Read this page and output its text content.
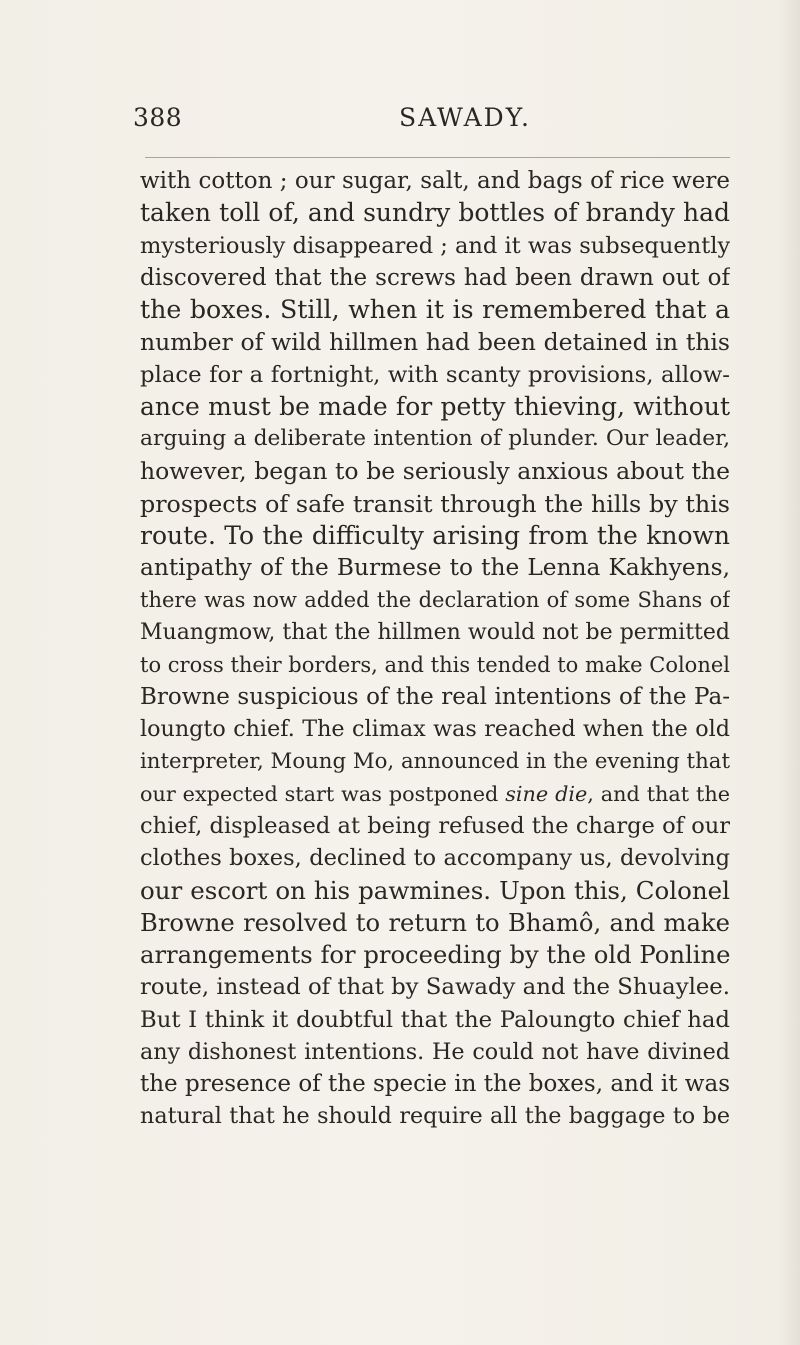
388	SAWADY.
with cotton ; our sugar, salt, and bags of rice were
taken toll of, and sundry bottles of brandy had
mysteriously disappeared ; and it was subsequently
discovered that the screws had been drawn out of
the boxes. Still, when it is remembered that a
number of wild hillmen had been detained in this
place for a fortnight, with scanty provisions, allow-
ance must be made for petty thieving, without
arguing a deliberate intention of plunder. Our leader,
however, began to be seriously anxious about the
prospects of safe transit through the hills by this
route. To the difficulty arising from the known
antipathy of the Burmese to the Lenna Kakhyens,
there was now added the declaration of some Shans of
Muangmow, that the hillmen would not be permitted
to cross their borders, and this tended to make Colonel
Browne suspicious of the real intentions of the Pa-
loungto chief. The climax was reached when the old
interpreter, Moung Mo, announced in the evening that
our expected start was postponed sine die, and that the
chief, displeased at being refused the charge of our
clothes boxes, declined to accompany us, devolving
our escort on his pawmines. Upon this, Colonel
Browne resolved to return to Bhamô, and make
arrangements for proceeding by the old Ponline
route, instead of that by Sawady and the Shuaylee.
But I think it doubtful that the Paloungto chief had
any dishonest intentions. He could not have divined
the presence of the specie in the boxes, and it was
natural that he should require all the baggage to be
